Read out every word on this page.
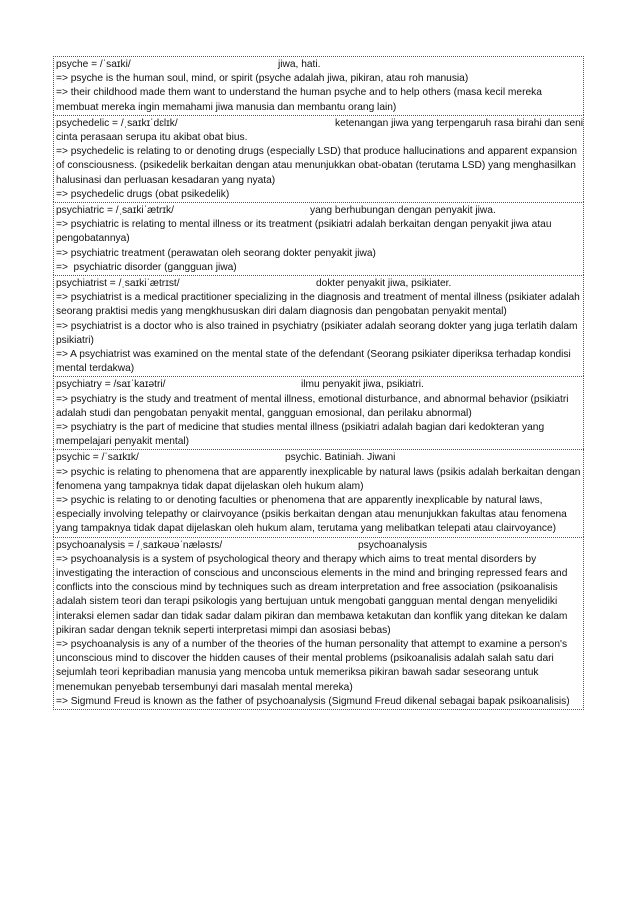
psyche = /ˈsaɪki/	jiwa, hati.
=> psyche is the human soul, mind, or spirit (psyche adalah jiwa, pikiran, atau roh manusia)
=> their childhood made them want to understand the human psyche and to help others (masa kecil mereka membuat mereka ingin memahami jiwa manusia dan membantu orang lain)
psychedelic = /ˌsaɪkɪˈdɛlɪk/	ketenangan jiwa yang terpengaruh rasa birahi dan seni
cinta perasaan serupa itu akibat obat bius.
=> psychedelic is relating to or denoting drugs (especially LSD) that produce hallucinations and apparent expansion of consciousness. (psikedelik berkaitan dengan atau menunjukkan obat-obatan (terutama LSD) yang menghasilkan halusinasi dan perluasan kesadaran yang nyata)
=> psychedelic drugs (obat psikedelik)
psychiatric = /ˌsaɪkiˈætrɪk/	yang berhubungan dengan penyakit jiwa.
=> psychiatric is relating to mental illness or its treatment (psikiatri adalah berkaitan dengan penyakit jiwa atau pengobatannya)
=> psychiatric treatment (perawatan oleh seorang dokter penyakit jiwa)
=>  psychiatric disorder (gangguan jiwa)
psychiatrist = /ˌsaɪkiˈætrɪst/	dokter penyakit jiwa, psikiater.
=> psychiatrist is a medical practitioner specializing in the diagnosis and treatment of mental illness (psikiater adalah seorang praktisi medis yang mengkhususkan diri dalam diagnosis dan pengobatan penyakit mental)
=> psychiatrist is a doctor who is also trained in psychiatry (psikiater adalah seorang dokter yang juga terlatih dalam psikiatri)
=> A psychiatrist was examined on the mental state of the defendant (Seorang psikiater diperiksa terhadap kondisi mental terdakwa)
psychiatry = /saɪˈkaɪətri/	ilmu penyakit jiwa, psikiatri.
=> psychiatry is the study and treatment of mental illness, emotional disturbance, and abnormal behavior (psikiatri adalah studi dan pengobatan penyakit mental, gangguan emosional, dan perilaku abnormal)
=> psychiatry is the part of medicine that studies mental illness (psikiatri adalah bagian dari kedokteran yang mempelajari penyakit mental)
psychic = /ˈsaɪkɪk/	psychic. Batiniah. Jiwani
=> psychic is relating to phenomena that are apparently inexplicable by natural laws (psikis adalah berkaitan dengan fenomena yang tampaknya tidak dapat dijelaskan oleh hukum alam)
=> psychic is relating to or denoting faculties or phenomena that are apparently inexplicable by natural laws, especially involving telepathy or clairvoyance (psikis berkaitan dengan atau menunjukkan fakultas atau fenomena yang tampaknya tidak dapat dijelaskan oleh hukum alam, terutama yang melibatkan telepati atau clairvoyance)
psychoanalysis = /ˌsaɪkəʊəˈnæləsɪs/	psychoanalysis
=> psychoanalysis is a system of psychological theory and therapy which aims to treat mental disorders by investigating the interaction of conscious and unconscious elements in the mind and bringing repressed fears and conflicts into the conscious mind by techniques such as dream interpretation and free association (psikoanalisis adalah sistem teori dan terapi psikologis yang bertujuan untuk mengobati gangguan mental dengan menyelidiki interaksi elemen sadar dan tidak sadar dalam pikiran dan membawa ketakutan dan konflik yang ditekan ke dalam pikiran sadar dengan teknik seperti interpretasi mimpi dan asosiasi bebas)
=> psychoanalysis is any of a number of the theories of the human personality that attempt to examine a person's unconscious mind to discover the hidden causes of their mental problems (psikoanalisis adalah salah satu dari sejumlah teori kepribadian manusia yang mencoba untuk memeriksa pikiran bawah sadar seseorang untuk menemukan penyebab tersembunyi dari masalah mental mereka)
=> Sigmund Freud is known as the father of psychoanalysis (Sigmund Freud dikenal sebagai bapak psikoanalisis)
